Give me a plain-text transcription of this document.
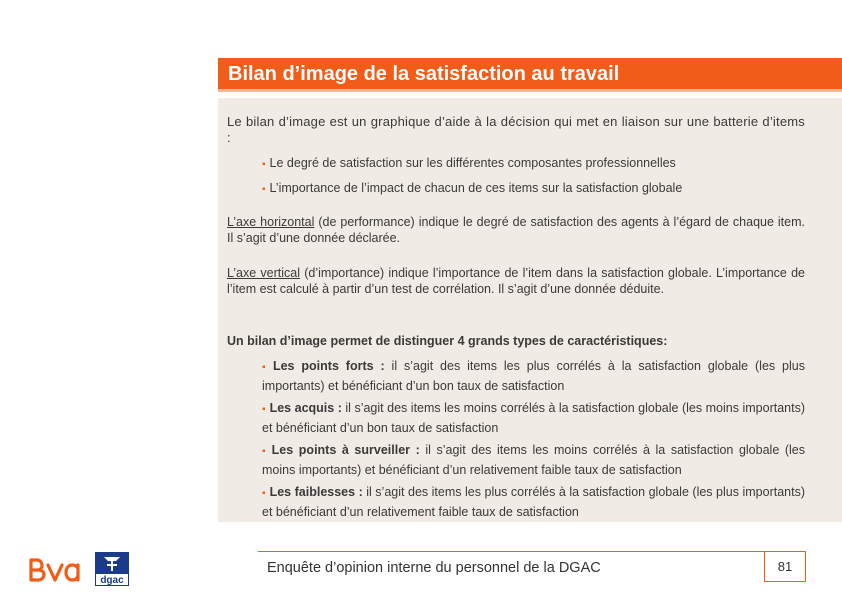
Bilan d’image de la satisfaction au travail
Le bilan d’image est un graphique d’aide à la décision qui met en liaison sur une batterie d’items :
▪ Le degré de satisfaction sur les différentes composantes professionnelles
▪ L’importance de l’impact de chacun de ces items sur la satisfaction globale
L’axe horizontal (de performance) indique le degré de satisfaction des agents à l’égard de chaque item. Il s’agit d’une donnée déclarée.
L’axe vertical (d’importance) indique l’importance de l’item dans la satisfaction globale. L’importance de l’item est calculé à partir d’un test de corrélation. Il s’agit d’une donnée déduite.
Un bilan d’image permet de distinguer 4 grands types de caractéristiques:
▪ Les points forts : il s’agit des items les plus corrélés à la satisfaction globale (les plus importants) et bénéficiant d’un bon taux de satisfaction
▪ Les acquis : il s’agit des items les moins corrélés à la satisfaction globale (les moins importants) et bénéficiant d’un bon taux de satisfaction
▪ Les points à surveiller : il s’agit des items les moins corrélés à la satisfaction globale (les moins importants) et bénéficiant d’un relativement faible taux de satisfaction
▪ Les faiblesses : il s’agit des items les plus corrélés à la satisfaction globale (les plus importants) et bénéficiant d’un relativement faible taux de satisfaction
dgac
Enquête d’opinion interne du personnel de la DGAC	81
